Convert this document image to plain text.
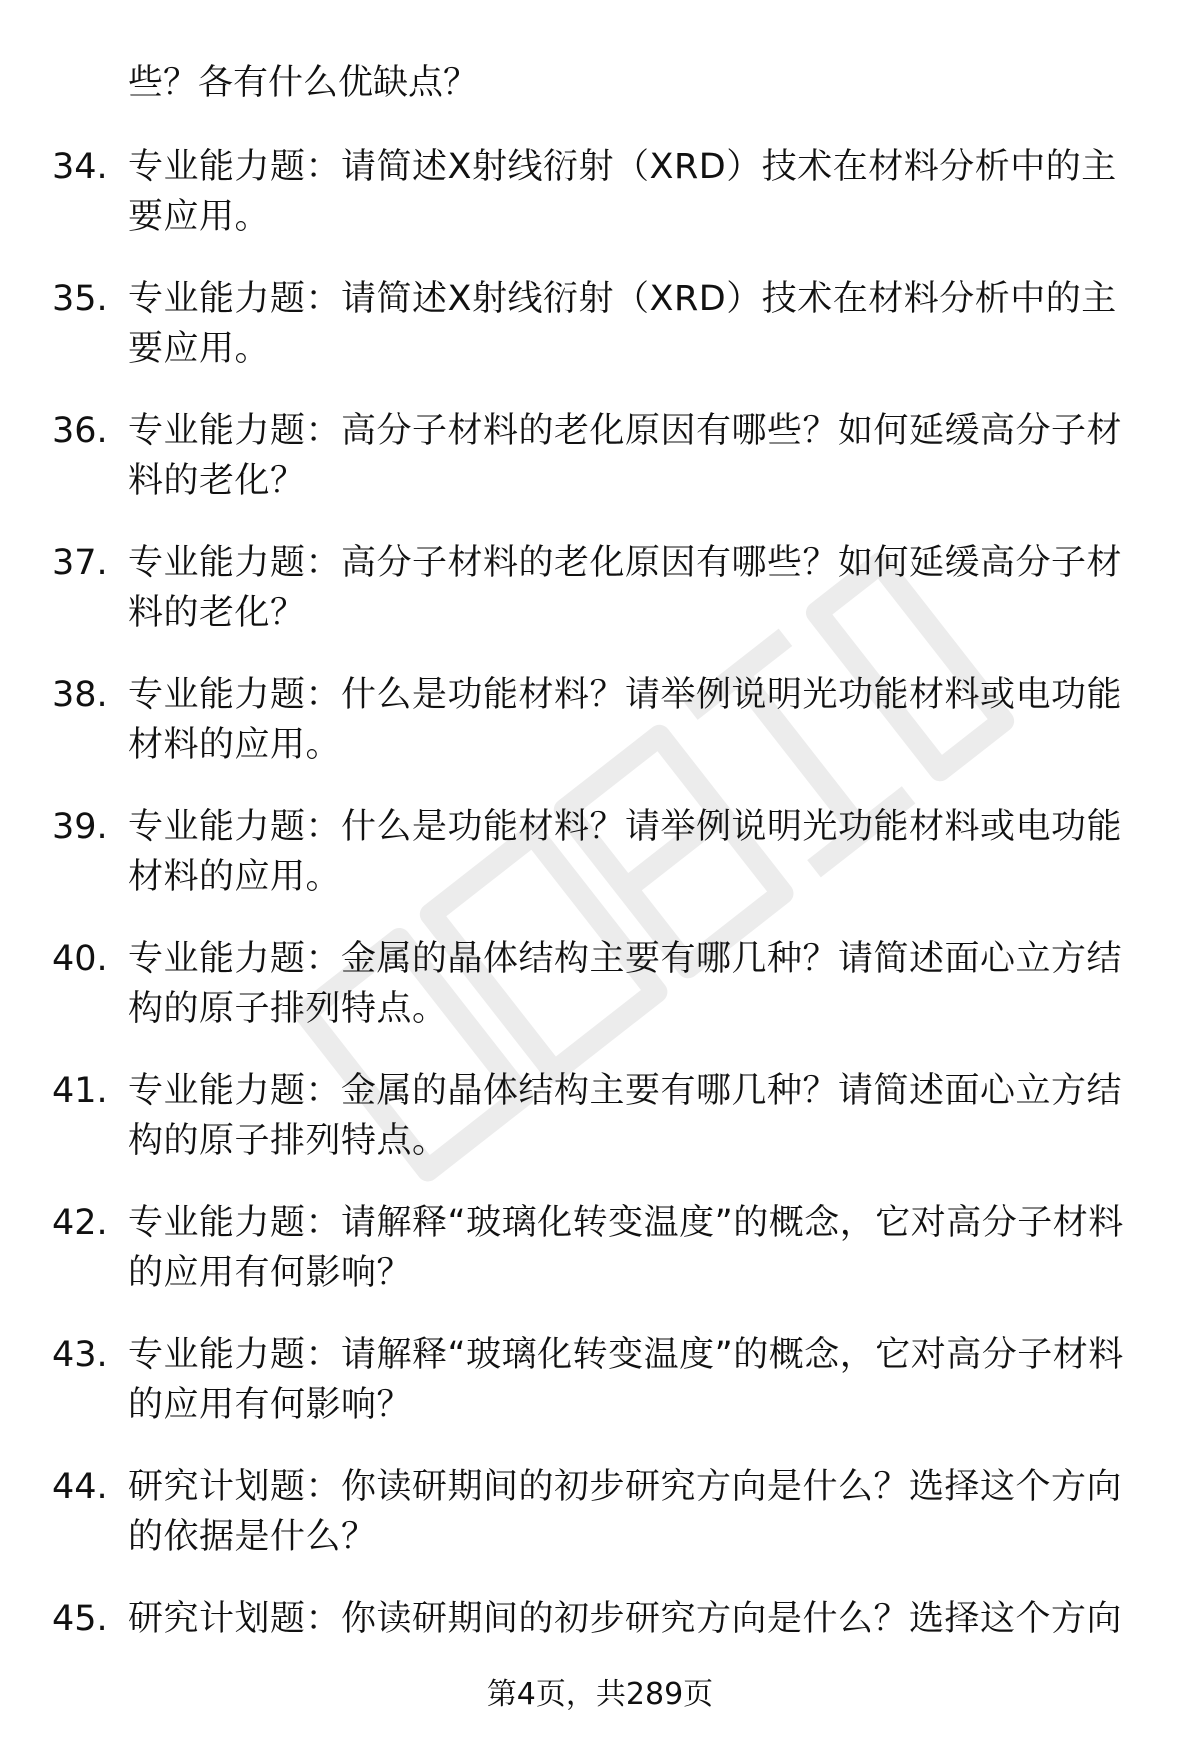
些？各有什么优缺点？
34. 专业能力题：请简述X射线衍射（XRD）技术在材料分析中的主要应用。
35. 专业能力题：请简述X射线衍射（XRD）技术在材料分析中的主要应用。
36. 专业能力题：高分子材料的老化原因有哪些？如何延缓高分子材料的老化？
37. 专业能力题：高分子材料的老化原因有哪些？如何延缓高分子材料的老化？
38. 专业能力题：什么是功能材料？请举例说明光功能材料或电功能材料的应用。
39. 专业能力题：什么是功能材料？请举例说明光功能材料或电功能材料的应用。
40. 专业能力题：金属的晶体结构主要有哪几种？请简述面心立方结构的原子排列特点。
41. 专业能力题：金属的晶体结构主要有哪几种？请简述面心立方结构的原子排列特点。
42. 专业能力题：请解释“玻璃化转变温度”的概念，它对高分子材料的应用有何影响？
43. 专业能力题：请解释“玻璃化转变温度”的概念，它对高分子材料的应用有何影响？
44. 研究计划题：你读研期间的初步研究方向是什么？选择这个方向的依据是什么？
45. 研究计划题：你读研期间的初步研究方向是什么？选择这个方向
第4页，共289页
